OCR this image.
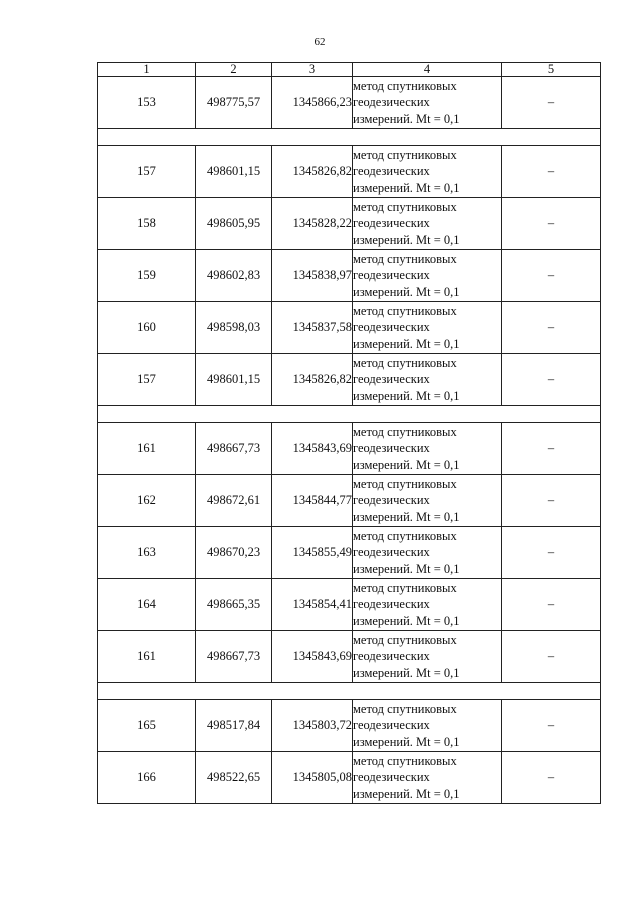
62
1	2	3	4	5
153	498775,57	1345866,23	метод спутниковых
геодезических
измерений. Mt = 0,1	–

157	498601,15	1345826,82	метод спутниковых
геодезических
измерений. Mt = 0,1	–
158	498605,95	1345828,22	метод спутниковых
геодезических
измерений. Mt = 0,1	–
159	498602,83	1345838,97	метод спутниковых
геодезических
измерений. Mt = 0,1	–
160	498598,03	1345837,58	метод спутниковых
геодезических
измерений. Mt = 0,1	–
157	498601,15	1345826,82	метод спутниковых
геодезических
измерений. Mt = 0,1	–

161	498667,73	1345843,69	метод спутниковых
геодезических
измерений. Mt = 0,1	–
162	498672,61	1345844,77	метод спутниковых
геодезических
измерений. Mt = 0,1	–
163	498670,23	1345855,49	метод спутниковых
геодезических
измерений. Mt = 0,1	–
164	498665,35	1345854,41	метод спутниковых
геодезических
измерений. Mt = 0,1	–
161	498667,73	1345843,69	метод спутниковых
геодезических
измерений. Mt = 0,1	–

165	498517,84	1345803,72	метод спутниковых
геодезических
измерений. Mt = 0,1	–
166	498522,65	1345805,08	метод спутниковых
геодезических
измерений. Mt = 0,1	–
